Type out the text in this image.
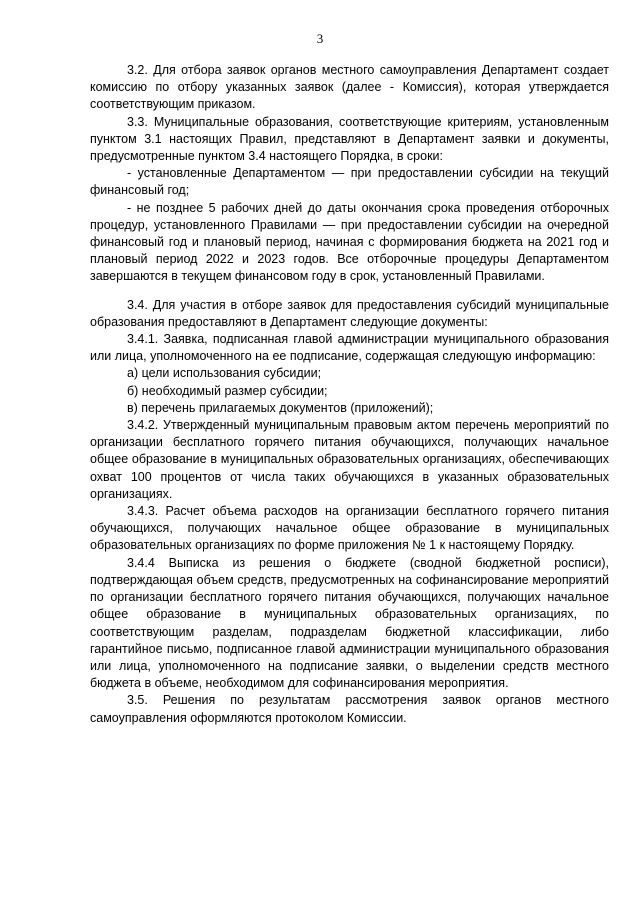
3

3.2. Для отбора заявок органов местного самоуправления Департамент создает комиссию по отбору указанных заявок (далее - Комиссия), которая утверждается соответствующим приказом.

3.3. Муниципальные образования, соответствующие критериям, установленным пунктом 3.1 настоящих Правил, представляют в Департамент заявки и документы, предусмотренные пунктом 3.4 настоящего Порядка, в сроки:

- установленные Департаментом — при предоставлении субсидии на текущий финансовый год;

- не позднее 5 рабочих дней до даты окончания срока проведения отборочных процедур, установленного Правилами — при предоставлении субсидии на очередной финансовый год и плановый период, начиная с формирования бюджета на 2021 год и плановый период 2022 и 2023 годов. Все отборочные процедуры Департаментом завершаются в текущем финансовом году в срок, установленный Правилами.

3.4. Для участия в отборе заявок для предоставления субсидий муниципальные образования предоставляют в Департамент следующие документы:

3.4.1. Заявка, подписанная главой администрации муниципального образования или лица, уполномоченного на ее подписание, содержащая следующую информацию:

а) цели использования субсидии;

б) необходимый размер субсидии;

в) перечень прилагаемых документов (приложений);

3.4.2. Утвержденный муниципальным правовым актом перечень мероприятий по организации бесплатного горячего питания обучающихся, получающих начальное общее образование в муниципальных образовательных организациях, обеспечивающих охват 100 процентов от числа таких обучающихся в указанных образовательных организациях.

3.4.3. Расчет объема расходов на организации бесплатного горячего питания обучающихся, получающих начальное общее образование в муниципальных образовательных организациях по форме приложения № 1 к настоящему Порядку.

3.4.4 Выписка из решения о бюджете (сводной бюджетной росписи), подтверждающая объем средств, предусмотренных на софинансирование мероприятий по организации бесплатного горячего питания обучающихся, получающих начальное общее образование в муниципальных образовательных организациях, по соответствующим разделам, подразделам бюджетной классификации, либо гарантийное письмо, подписанное главой администрации муниципального образования или лица, уполномоченного на подписание заявки, о выделении средств местного бюджета в объеме, необходимом для софинансирования мероприятия.

3.5. Решения по результатам рассмотрения заявок органов местного самоуправления оформляются протоколом Комиссии.
